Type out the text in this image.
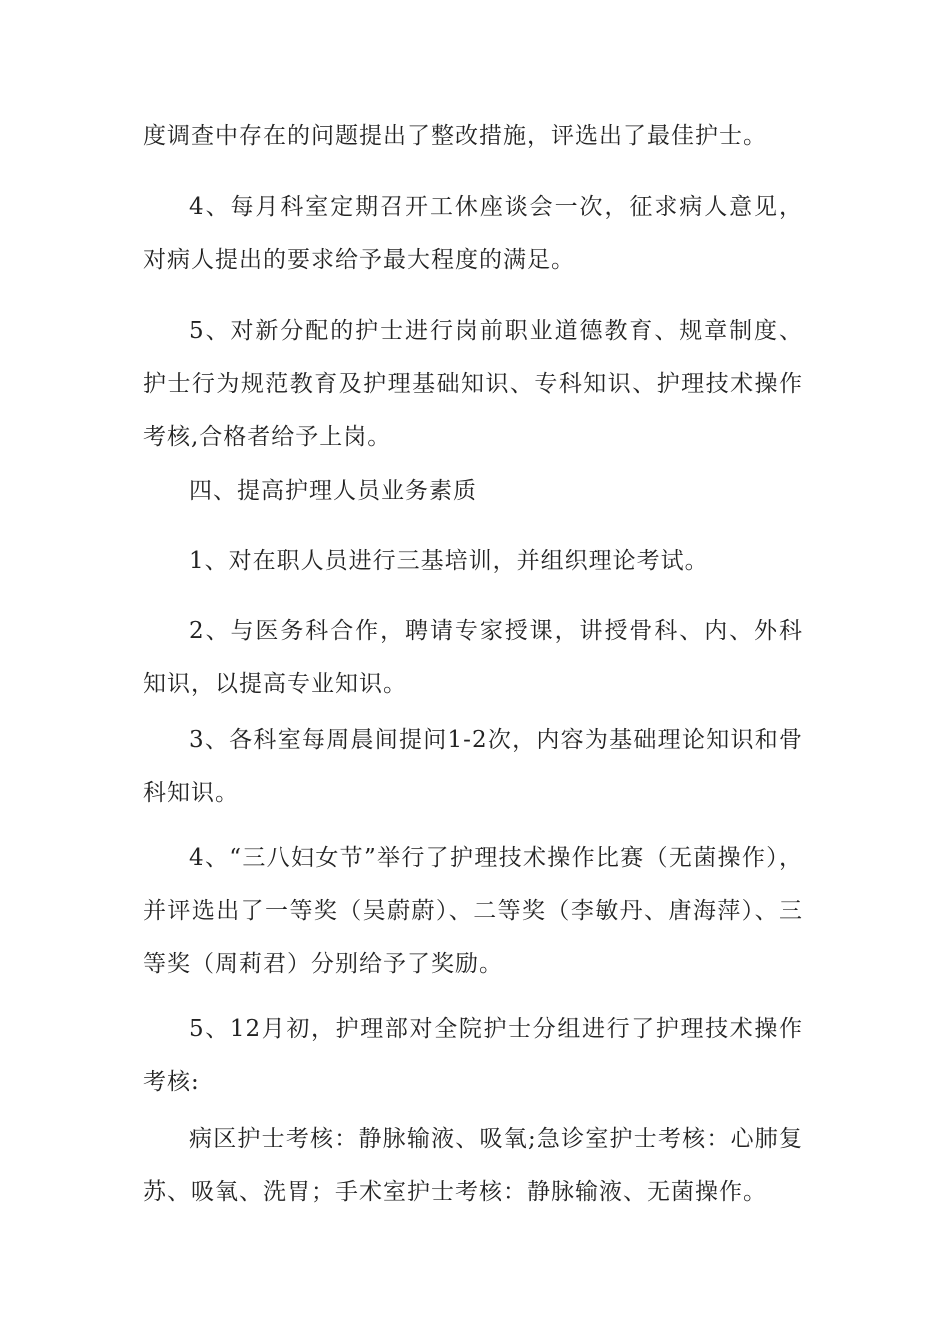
度调查中存在的问题提出了整改措施，评选出了最佳护士。

4、每月科室定期召开工休座谈会一次，征求病人意见，对病人提出的要求给予最大程度的满足。

5、对新分配的护士进行岗前职业道德教育、规章制度、护士行为规范教育及护理基础知识、专科知识、护理技术操作考核,合格者给予上岗。

四、提高护理人员业务素质

1、对在职人员进行三基培训，并组织理论考试。

2、与医务科合作，聘请专家授课，讲授骨科、内、外科知识，以提高专业知识。

3、各科室每周晨间提问1-2次，内容为基础理论知识和骨科知识。

4、“三八妇女节”举行了护理技术操作比赛（无菌操作），并评选出了一等奖（吴蔚蔚）、二等奖（李敏丹、唐海萍）、三等奖（周莉君）分别给予了奖励。

5、12月初，护理部对全院护士分组进行了护理技术操作考核:

病区护士考核：静脉输液、吸氧;急诊室护士考核：心肺复苏、吸氧、洗胃；手术室护士考核：静脉输液、无菌操作。
